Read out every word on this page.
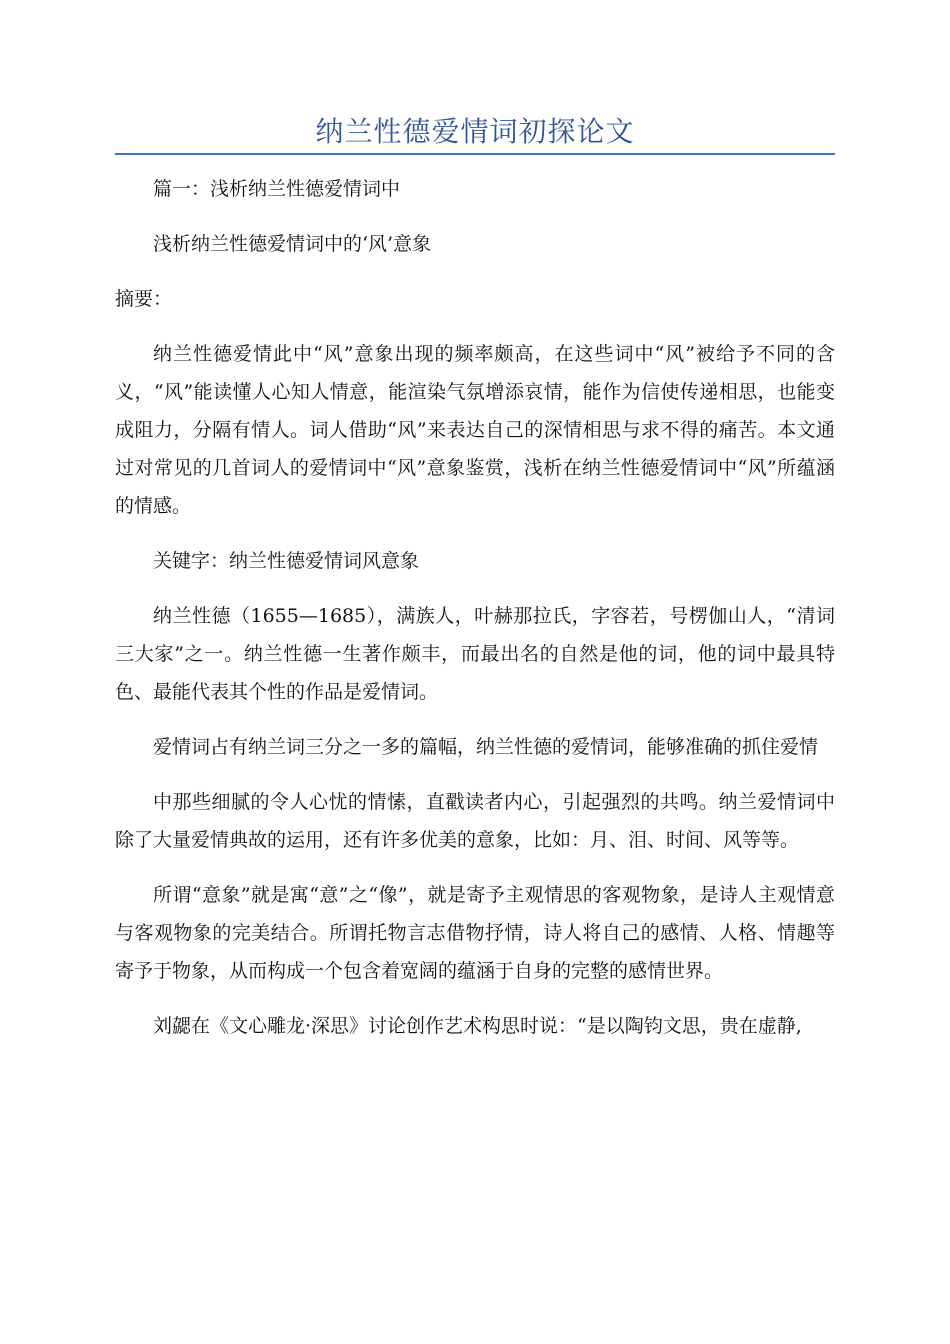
纳兰性德爱情词初探论文

篇一：浅析纳兰性德爱情词中

浅析纳兰性德爱情词中的‘风’意象

摘要：

纳兰性德爱情此中“风”意象出现的频率颇高，在这些词中“风”被给予不同的含义，“风”能读懂人心知人情意，能渲染气氛增添哀情，能作为信使传递相思，也能变成阻力，分隔有情人。词人借助“风”来表达自己的深情相思与求不得的痛苦。本文通过对常见的几首词人的爱情词中“风”意象鉴赏，浅析在纳兰性德爱情词中“风”所蕴涵的情感。

关键字：纳兰性德爱情词风意象

纳兰性德（1655—1685），满族人，叶赫那拉氏，字容若，号楞伽山人，“清词三大家”之一。纳兰性德一生著作颇丰，而最出名的自然是他的词，他的词中最具特色、最能代表其个性的作品是爱情词。

爱情词占有纳兰词三分之一多的篇幅，纳兰性德的爱情词，能够准确的抓住爱情

中那些细腻的令人心忧的情愫，直戳读者内心，引起强烈的共鸣。纳兰爱情词中除了大量爱情典故的运用，还有许多优美的意象，比如：月、泪、时间、风等等。

所谓“意象”就是寓“意”之“像”，就是寄予主观情思的客观物象，是诗人主观情意与客观物象的完美结合。所谓托物言志借物抒情，诗人将自己的感情、人格、情趣等寄予于物象，从而构成一个包含着宽阔的蕴涵于自身的完整的感情世界。

刘勰在《文心雕龙·深思》讨论创作艺术构思时说：“是以陶钧文思，贵在虚静,
